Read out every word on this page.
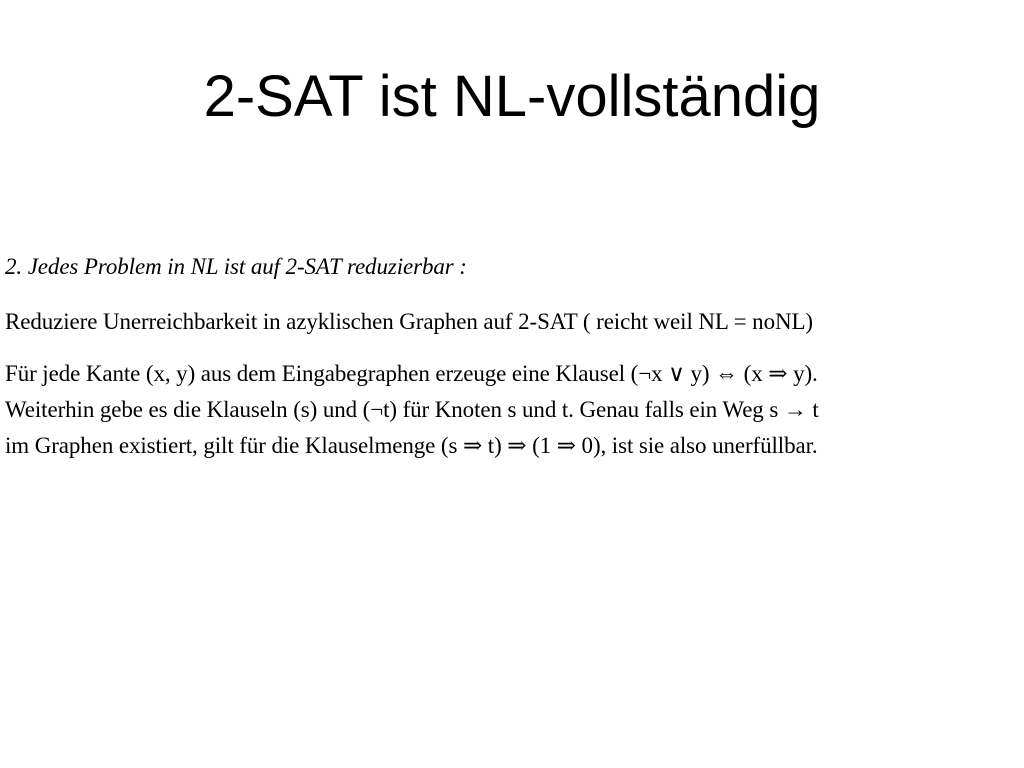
2-SAT ist NL-vollständig
2. Jedes Problem in NL ist auf 2-SAT reduzierbar :
Reduziere Unerreichbarkeit in azyklischen Graphen auf 2-SAT ( reicht weil NL = noNL)
Für jede Kante (x, y) aus dem Eingabegraphen erzeuge eine Klausel (¬x ∨ y) ⇔ (x ⇒ y).
Weiterhin gebe es die Klauseln (s) und (¬t) für Knoten s und t. Genau falls ein Weg s → t
im Graphen existiert, gilt für die Klauselmenge (s ⇒ t) ⇒ (1 ⇒ 0), ist sie also unerfüllbar.
